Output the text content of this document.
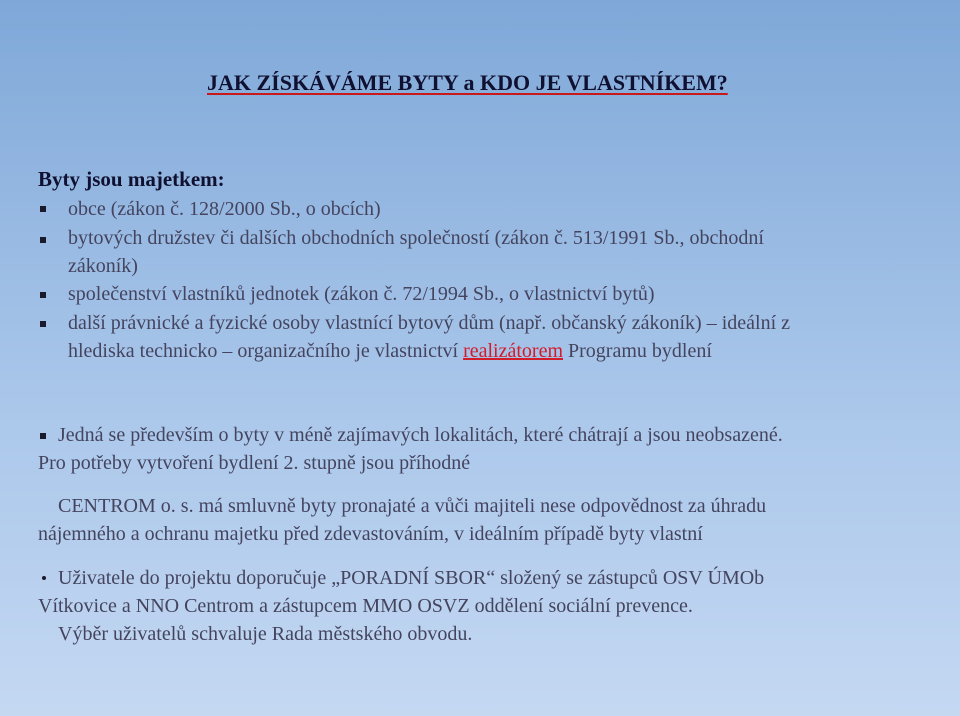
JAK ZÍSKÁVÁME BYTY a KDO JE VLASTNÍKEM?
Byty jsou majetkem:
obce (zákon č. 128/2000 Sb., o obcích)
bytových družstev či dalších obchodních společností (zákon č. 513/1991 Sb., obchodní
zákoník)
společenství vlastníků jednotek (zákon č. 72/1994 Sb., o vlastnictví bytů)
další právnické a fyzické osoby vlastnící bytový dům (např. občanský zákoník) – ideální z
hlediska technicko – organizačního je vlastnictví realizátorem Programu bydlení
Jedná se především o byty v méně zajímavých lokalitách, které chátrají a jsou neobsazené.
Pro potřeby vytvoření bydlení 2. stupně jsou příhodné
CENTROM o. s. má smluvně byty pronajaté a vůči majiteli nese odpovědnost za úhradu
nájemného a ochranu majetku před zdevastováním, v ideálním případě byty vlastní
Uživatele do projektu doporučuje „PORADNÍ SBOR“ složený se zástupců OSV ÚMOb
Vítkovice a NNO Centrom a zástupcem MMO OSVZ oddělení sociální prevence.
Výběr uživatelů schvaluje Rada městského obvodu.
